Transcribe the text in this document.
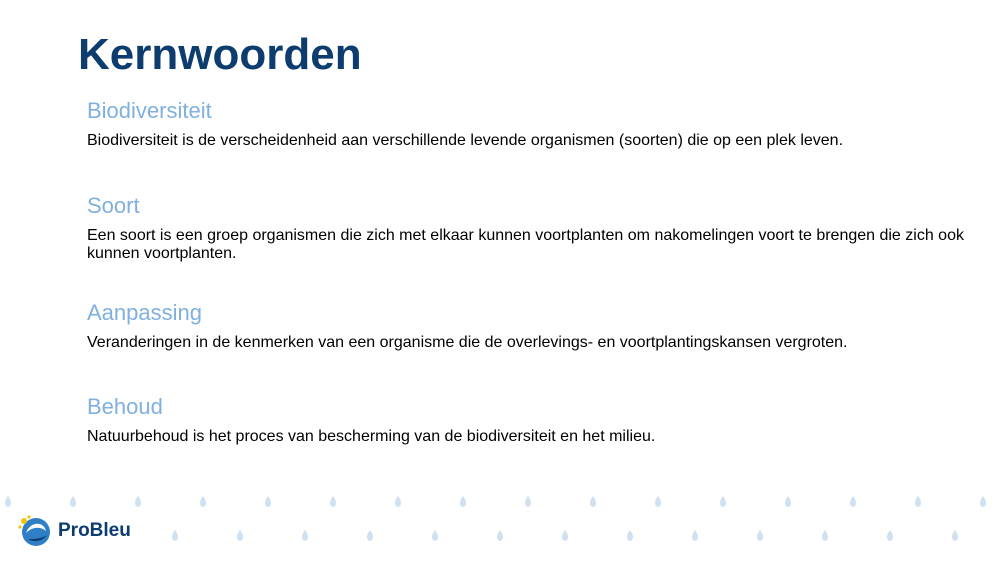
Kernwoorden
Biodiversiteit

Biodiversiteit is de verscheidenheid aan verschillende levende organismen (soorten) die op een plek leven.

Soort

Een soort is een groep organismen die zich met elkaar kunnen voortplanten om nakomelingen voort te brengen die zich ook kunnen voortplanten.

Aanpassing

Veranderingen in de kenmerken van een organisme die de overlevings- en voortplantingskansen vergroten.

Behoud

Natuurbehoud is het proces van bescherming van de biodiversiteit en het milieu.

ProBleu
